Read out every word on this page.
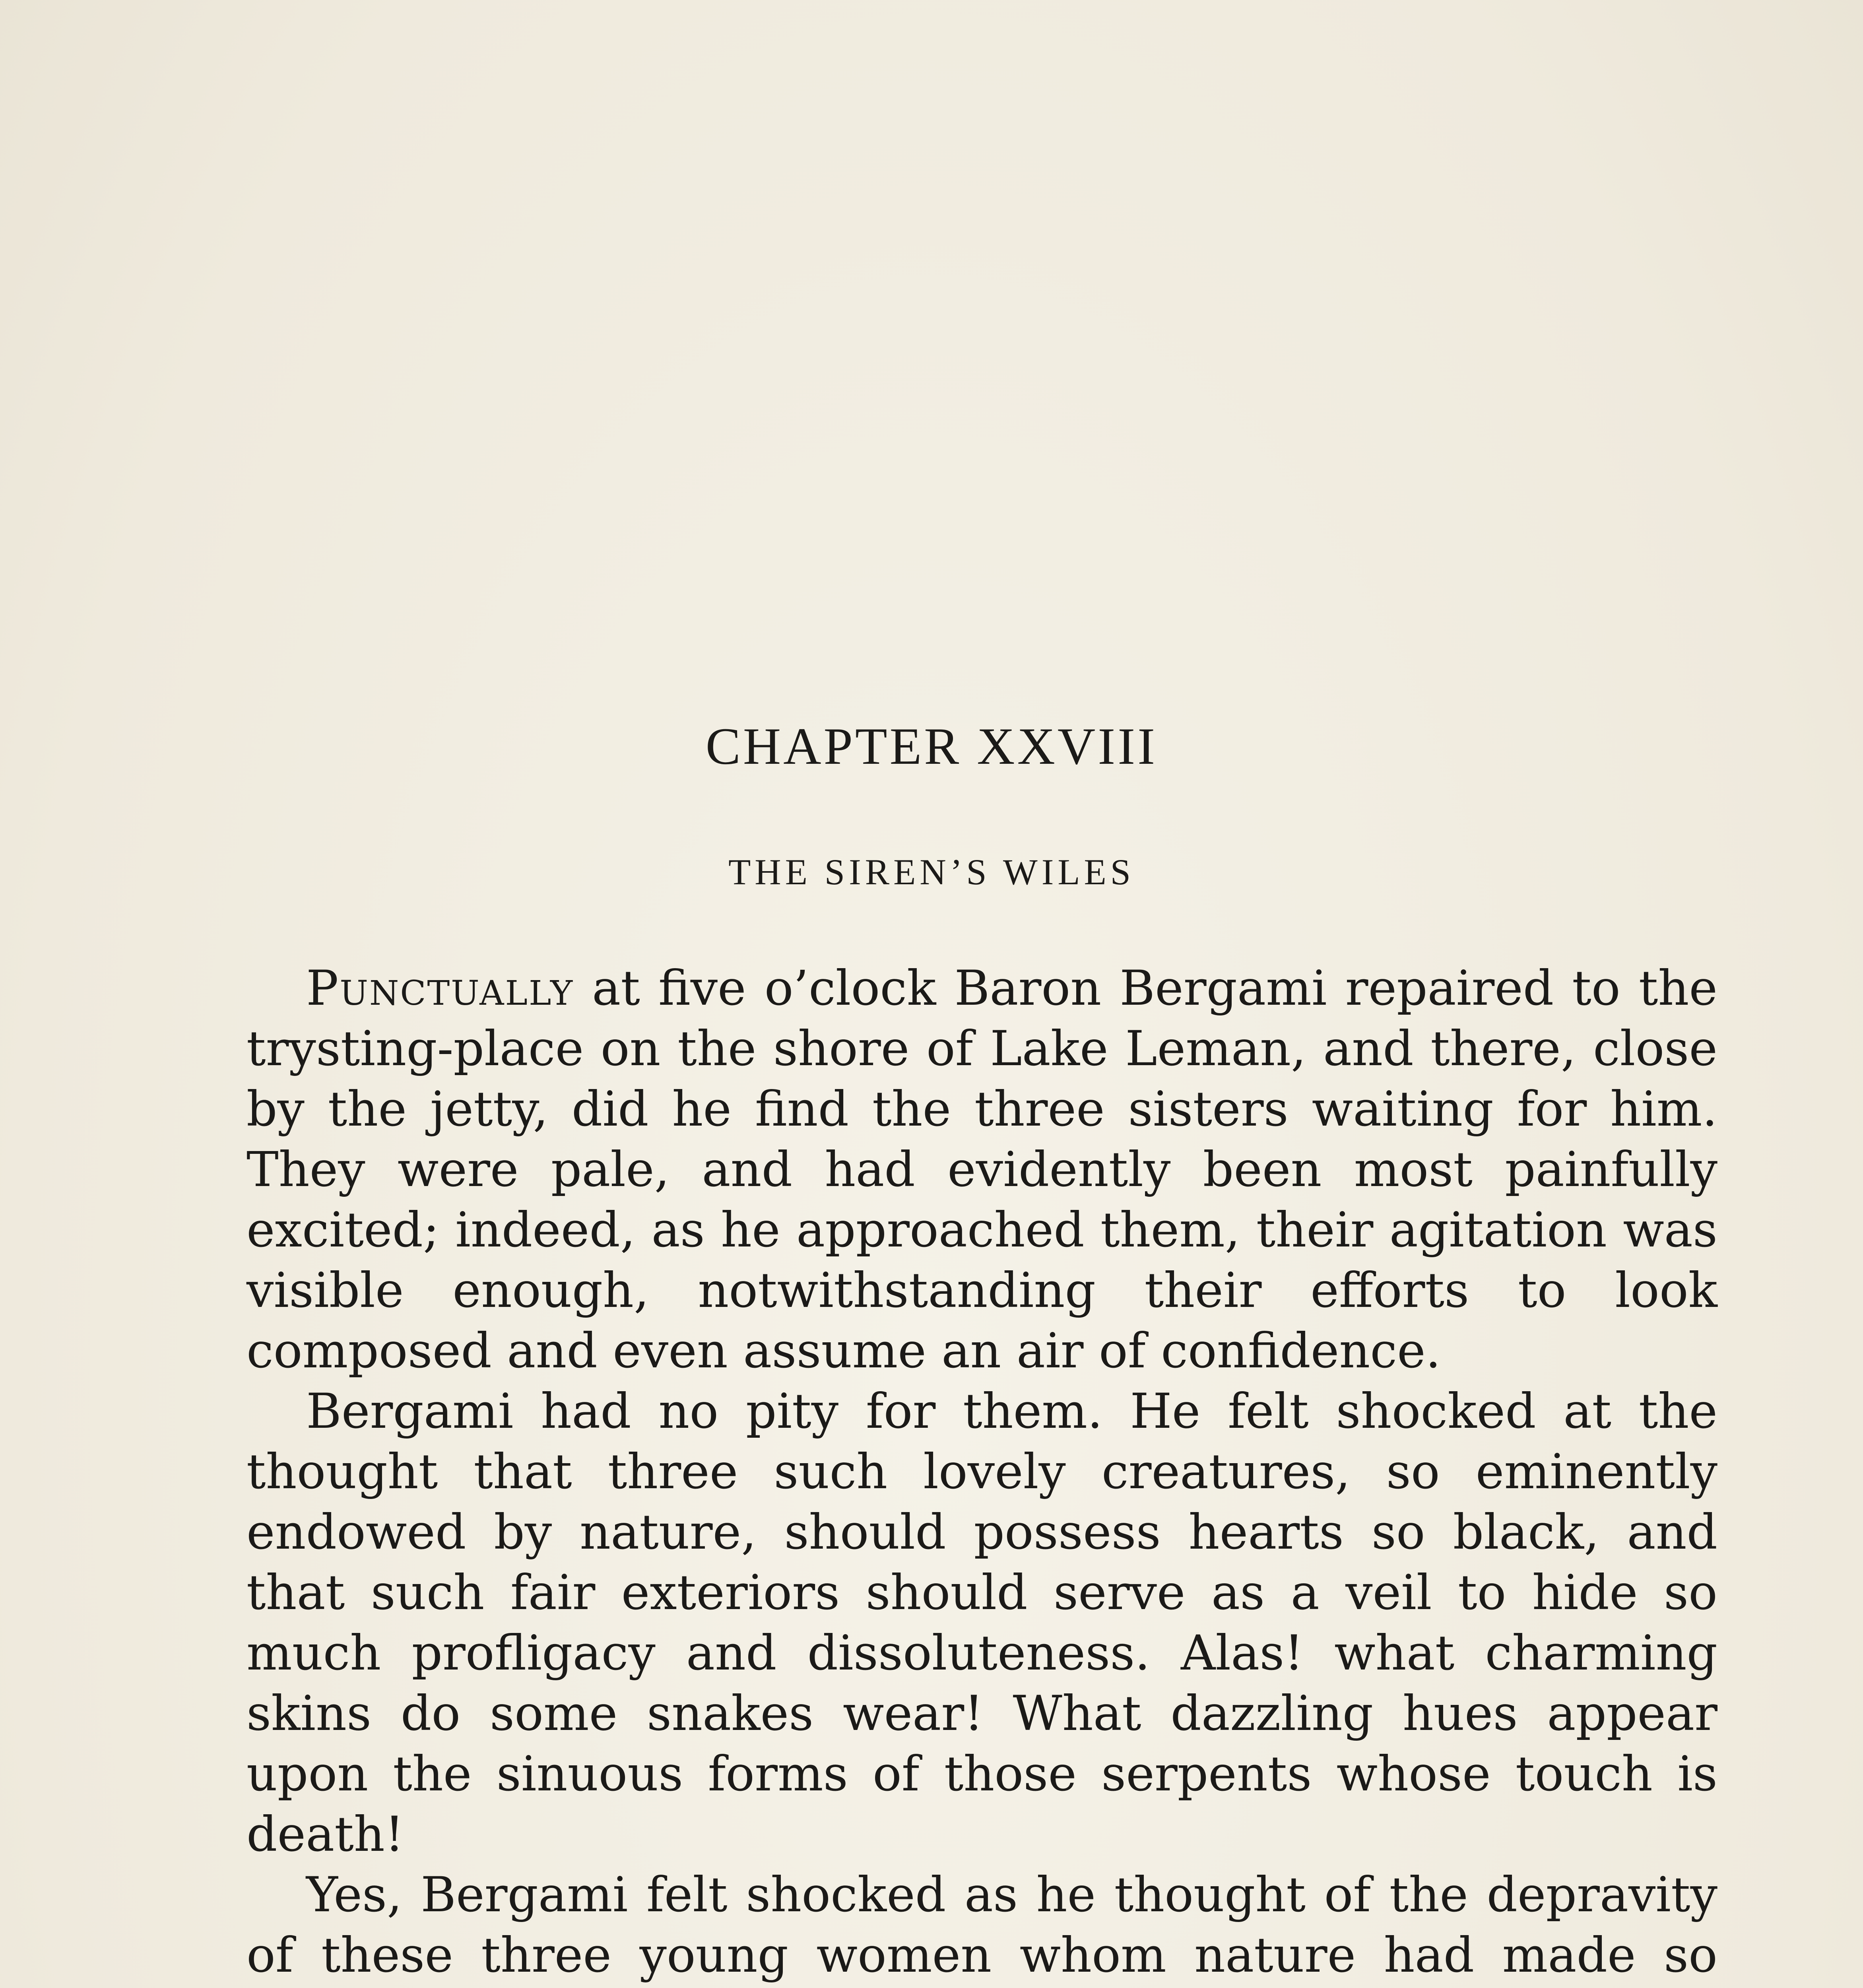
CHAPTER XXVIII
THE SIREN’S WILES

Punctually at five o’clock Baron Bergami repaired to the trysting-place on the shore of Lake Leman, and there, close by the jetty, did he find the three sisters waiting for him. They were pale, and had evidently been most painfully excited; indeed, as he approached them, their agitation was visible enough, notwithstanding their efforts to look composed and even assume an air of confidence.

Bergami had no pity for them. He felt shocked at the thought that three such lovely creatures, so eminently endowed by nature, should possess hearts so black, and that such fair exteriors should serve as a veil to hide so much profligacy and dissoluteness. Alas! what charming skins do some snakes wear! What dazzling hues appear upon the sinuous forms of those serpents whose touch is death!

Yes, Bergami felt shocked as he thought of the depravity of these three young women whom nature had made so
